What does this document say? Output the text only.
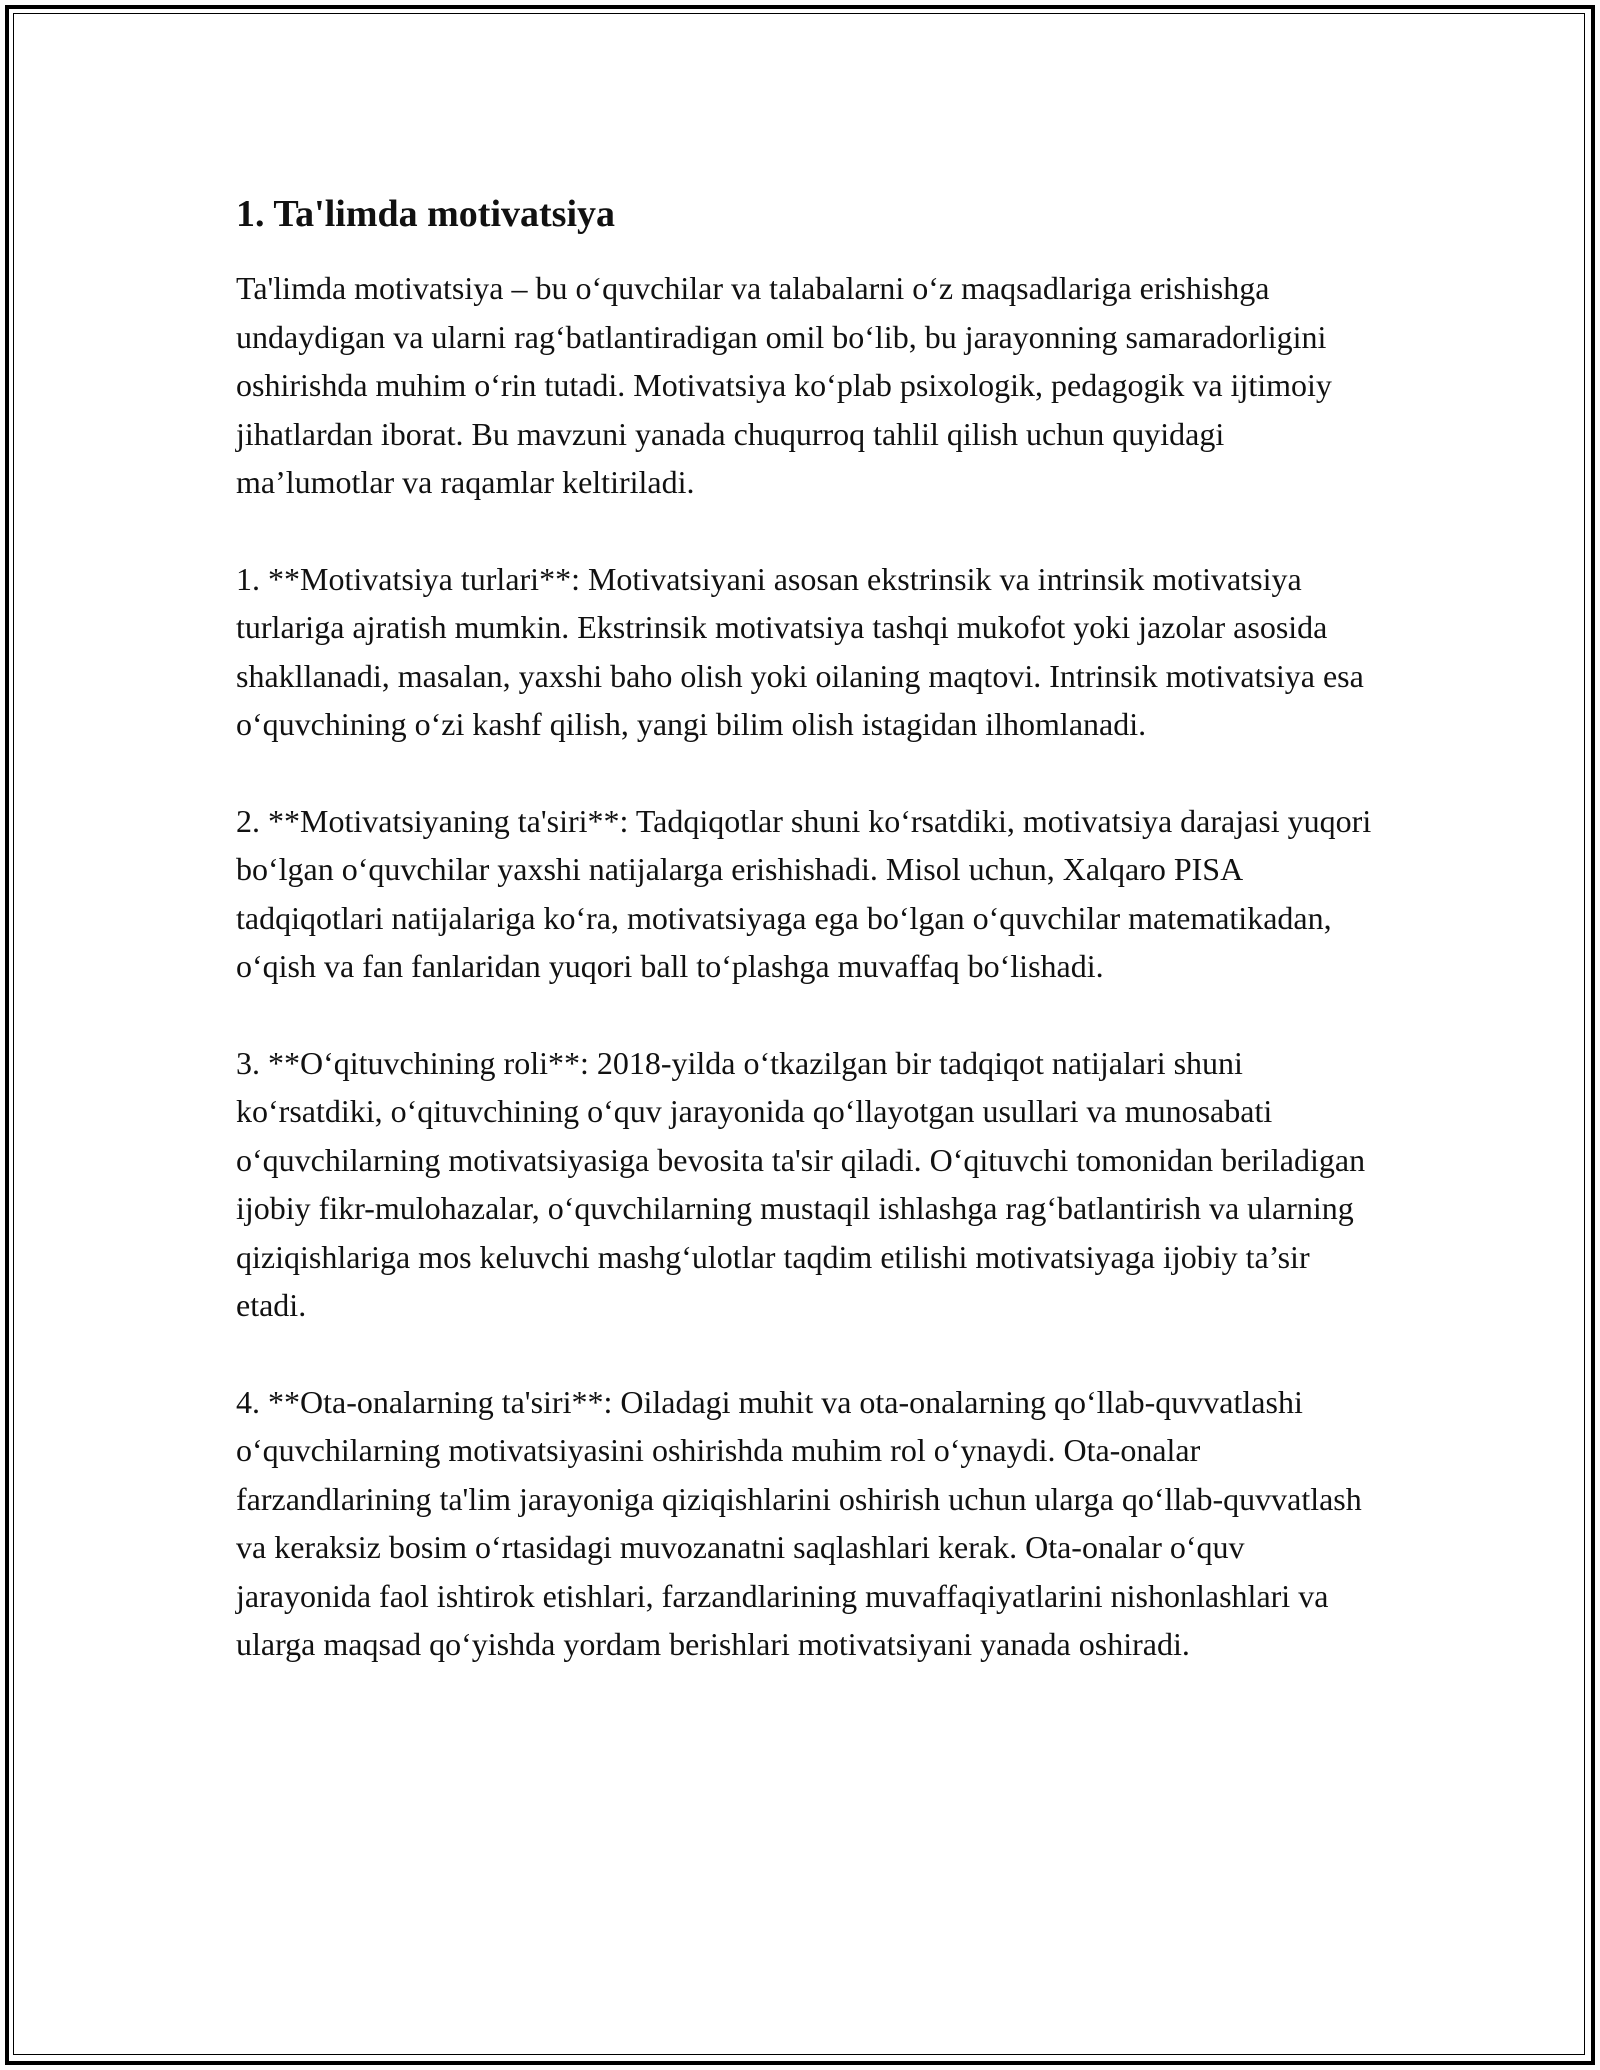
1. Ta'limda motivatsiya

Ta'limda motivatsiya – bu o‘quvchilar va talabalarni o‘z maqsadlariga erishishga undaydigan va ularni rag‘batlantiradigan omil bo‘lib, bu jarayonning samaradorligini oshirishda muhim o‘rin tutadi. Motivatsiya ko‘plab psixologik, pedagogik va ijtimoiy jihatlardan iborat. Bu mavzuni yanada chuqurroq tahlil qilish uchun quyidagi ma’lumotlar va raqamlar keltiriladi.

1. **Motivatsiya turlari**: Motivatsiyani asosan ekstrinsik va intrinsik motivatsiya turlariga ajratish mumkin. Ekstrinsik motivatsiya tashqi mukofot yoki jazolar asosida shakllanadi, masalan, yaxshi baho olish yoki oilaning maqtovi. Intrinsik motivatsiya esa o‘quvchining o‘zi kashf qilish, yangi bilim olish istagidan ilhomlanadi.

2. **Motivatsiyaning ta'siri**: Tadqiqotlar shuni ko‘rsatdiki, motivatsiya darajasi yuqori bo‘lgan o‘quvchilar yaxshi natijalarga erishishadi. Misol uchun, Xalqaro PISA tadqiqotlari natijalariga ko‘ra, motivatsiyaga ega bo‘lgan o‘quvchilar matematikadan, o‘qish va fan fanlaridan yuqori ball to‘plashga muvaffaq bo‘lishadi.

3. **O‘qituvchining roli**: 2018-yilda o‘tkazilgan bir tadqiqot natijalari shuni ko‘rsatdiki, o‘qituvchining o‘quv jarayonida qo‘llayotgan usullari va munosabati o‘quvchilarning motivatsiyasiga bevosita ta'sir qiladi. O‘qituvchi tomonidan beriladigan ijobiy fikr-mulohazalar, o‘quvchilarning mustaqil ishlashga rag‘batlantirish va ularning qiziqishlariga mos keluvchi mashg‘ulotlar taqdim etilishi motivatsiyaga ijobiy ta’sir etadi.

4. **Ota-onalarning ta'siri**: Oiladagi muhit va ota-onalarning qo‘llab-quvvatlashi o‘quvchilarning motivatsiyasini oshirishda muhim rol o‘ynaydi. Ota-onalar farzandlarining ta'lim jarayoniga qiziqishlarini oshirish uchun ularga qo‘llab-quvvatlash va keraksiz bosim o‘rtasidagi muvozanatni saqlashlari kerak. Ota-onalar o‘quv jarayonida faol ishtirok etishlari, farzandlarining muvaffaqiyatlarini nishonlashlari va ularga maqsad qo‘yishda yordam berishlari motivatsiyani yanada oshiradi.
